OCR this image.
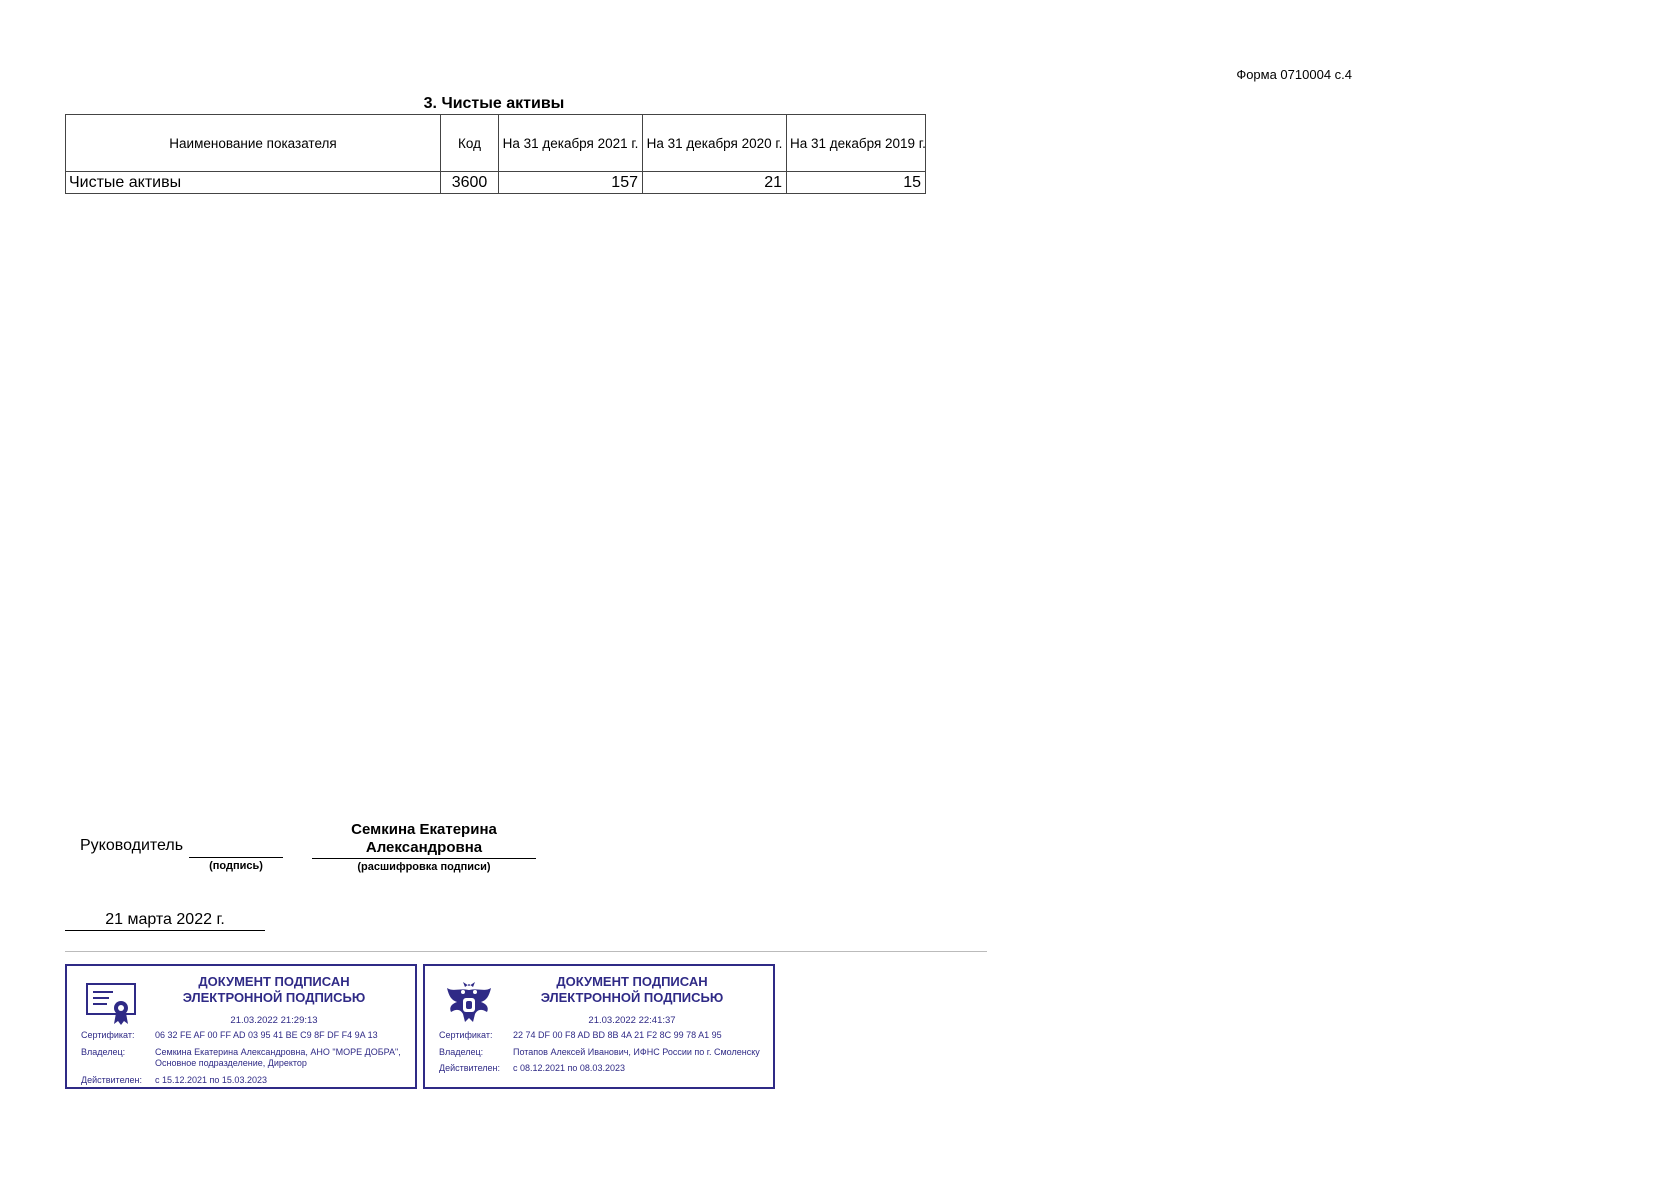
Форма 0710004 с.4
3. Чистые активы
Наименование показателя	Код	На 31 декабря 2021 г.	На 31 декабря 2020 г.	На 31 декабря 2019 г.
Чистые активы	3600	157	21	15
Руководитель
(подпись)
Семкина Екатерина
Александровна
(расшифровка подписи)
21 марта 2022 г.
ДОКУМЕНТ ПОДПИСАН
ЭЛЕКТРОННОЙ ПОДПИСЬЮ
21.03.2022 21:29:13
Сертификат:	06 32 FE AF 00 FF AD 03 95 41 BE C9 8F DF F4 9A 13
Владелец:	Семкина Екатерина Александровна, АНО "МОРЕ ДОБРА", Основное подразделение, Директор
Действителен:	с 15.12.2021 по 15.03.2023
ДОКУМЕНТ ПОДПИСАН
ЭЛЕКТРОННОЙ ПОДПИСЬЮ
21.03.2022 22:41:37
Сертификат:	22 74 DF 00 F8 AD BD 8B 4A 21 F2 8C 99 78 A1 95
Владелец:	Потапов Алексей Иванович, ИФНС России по г. Смоленску
Действителен:	с 08.12.2021 по 08.03.2023
